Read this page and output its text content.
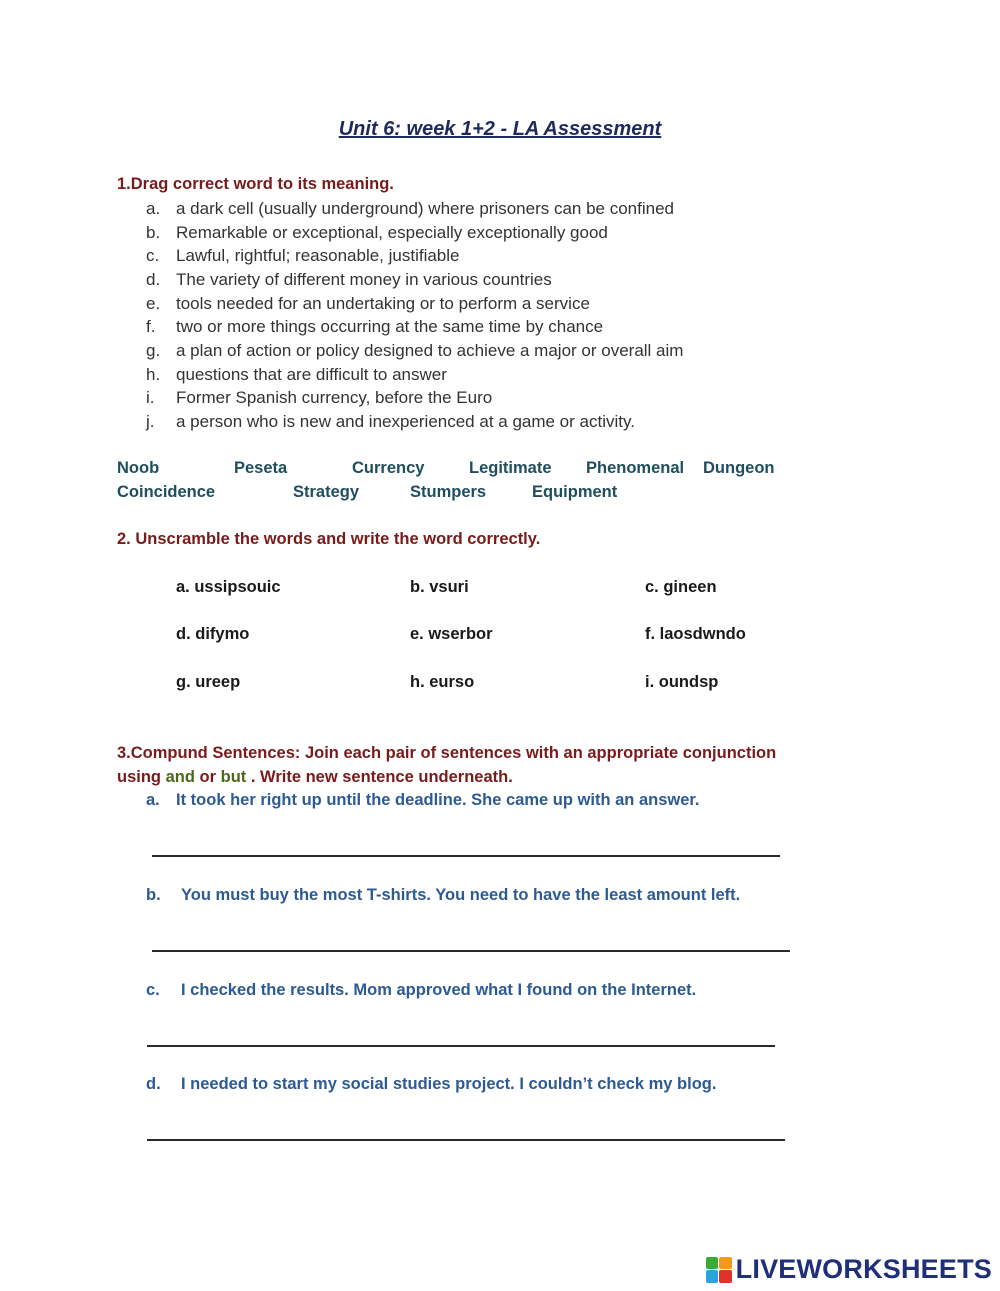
Unit 6: week 1+2 - LA Assessment
1.Drag correct word to its meaning.
a. a dark cell (usually underground) where prisoners can be confined
b. Remarkable or exceptional, especially exceptionally good
c. Lawful, rightful; reasonable, justifiable
d. The variety of different money in various countries
e. tools needed for an undertaking or to perform a service
f. two or more things occurring at the same time by chance
g. a plan of action or policy designed to achieve a major or overall aim
h. questions that are difficult to answer
i. Former Spanish currency, before the Euro
j. a person who is new and inexperienced at a game or activity.
Noob	Peseta	Currency	Legitimate Phenomenal Dungeon
Coincidence	Strategy	Stumpers	Equipment
2. Unscramble the words and write the word correctly.
a. ussipsouic	b. vsuri	c. gineen
d. difymo	e. wserbor	f. laosdwndo
g. ureep	h. eurso	i. oundsp
3.Compund Sentences: Join each pair of sentences with an appropriate conjunction
using and or but . Write new sentence underneath.
a. It took her right up until the deadline. She came up with an answer.
b. You must buy the most T-shirts. You need to have the least amount left.
c. I checked the results. Mom approved what I found on the Internet.
d. I needed to start my social studies project. I couldn’t check my blog.
LIVEWORKSHEETS
